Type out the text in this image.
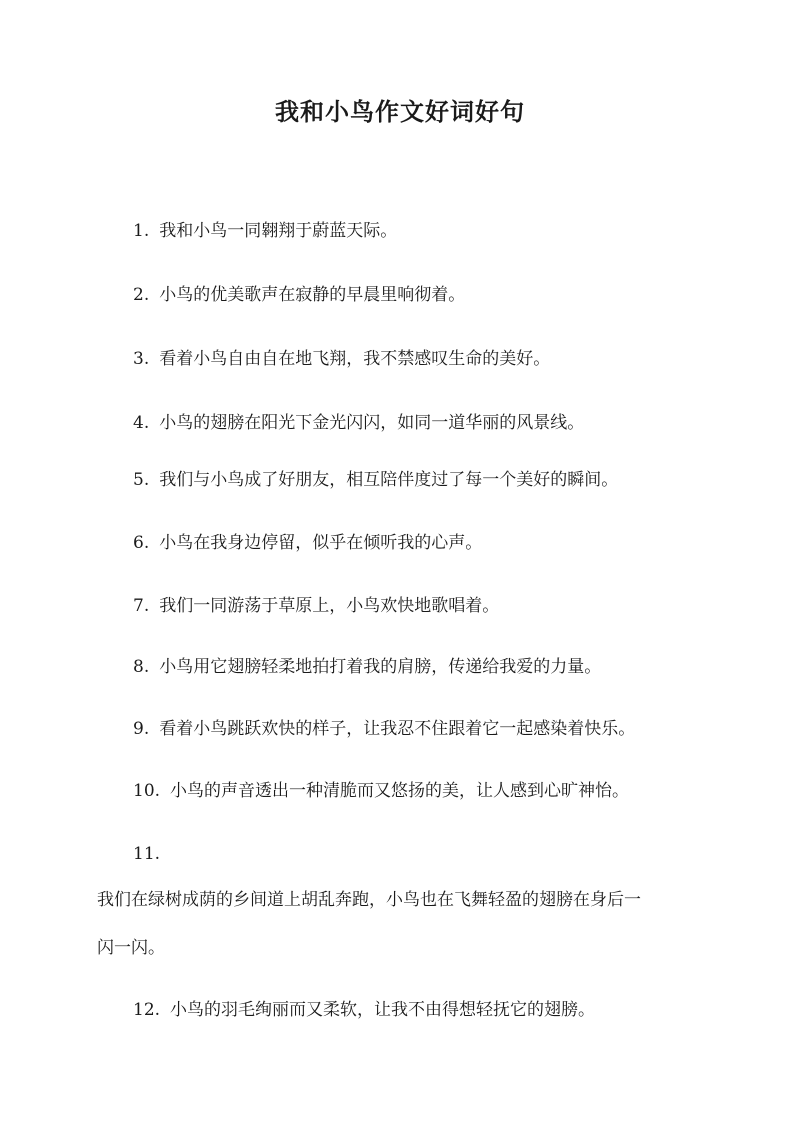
我和小鸟作文好词好句

1. 我和小鸟一同翱翔于蔚蓝天际。

2. 小鸟的优美歌声在寂静的早晨里响彻着。

3. 看着小鸟自由自在地飞翔，我不禁感叹生命的美好。

4. 小鸟的翅膀在阳光下金光闪闪，如同一道华丽的风景线。

5. 我们与小鸟成了好朋友，相互陪伴度过了每一个美好的瞬间。

6. 小鸟在我身边停留，似乎在倾听我的心声。

7. 我们一同游荡于草原上，小鸟欢快地歌唱着。

8. 小鸟用它翅膀轻柔地拍打着我的肩膀，传递给我爱的力量。

9. 看着小鸟跳跃欢快的样子，让我忍不住跟着它一起感染着快乐。

10. 小鸟的声音透出一种清脆而又悠扬的美，让人感到心旷神怡。

11.

我们在绿树成荫的乡间道上胡乱奔跑，小鸟也在飞舞轻盈的翅膀在身后一

闪一闪。

12. 小鸟的羽毛绚丽而又柔软，让我不由得想轻抚它的翅膀。
